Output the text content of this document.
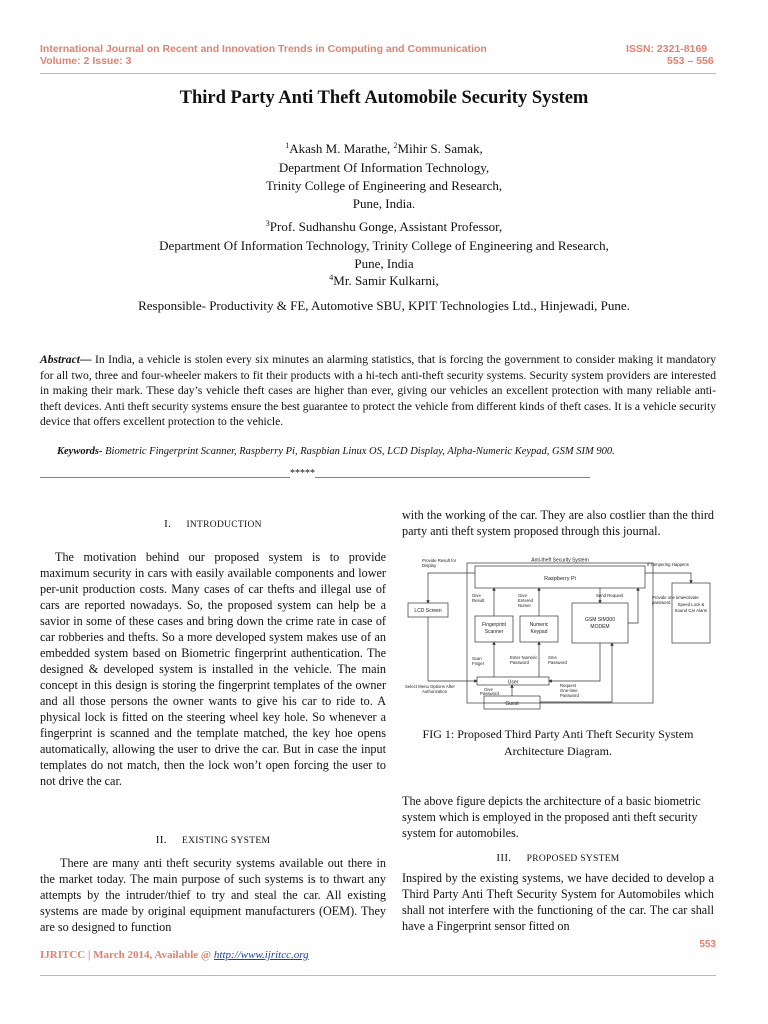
International Journal on Recent and Innovation Trends in Computing and Communication
Volume: 2 Issue: 3
ISSN: 2321-8169
553 – 556
Third Party Anti Theft Automobile Security System
$^1$Akash M. Marathe, $^2$Mihir S. Samak,
Department Of Information Technology,
Trinity College of Engineering and Research,
Pune, India.
$^3$Prof. Sudhanshu Gonge, Assistant Professor,
Department Of Information Technology, Trinity College of Engineering and Research,
Pune, India
$^4$Mr. Samir Kulkarni,
Responsible- Productivity & FE, Automotive SBU, KPIT Technologies Ltd., Hinjewadi, Pune.
Abstract— In India, a vehicle is stolen every six minutes an alarming statistics, that is forcing the government to consider making it mandatory for all two, three and four-wheeler makers to fit their products with a hi-tech anti-theft security systems. Security system providers are interested in making their mark. These day’s vehicle theft cases are higher than ever, giving our vehicles an excellent protection with many reliable anti-theft devices. Anti theft security systems ensure the best guarantee to protect the vehicle from different kinds of theft cases. It is a vehicle security device that offers excellent protection to the vehicle.
Keywords- Biometric Fingerprint Scanner, Raspberry Pi, Raspbian Linux OS, LCD Display, Alpha-Numeric Keypad, GSM SIM 900.
__________________________________________________*****_______________________________________________________
I. INTRODUCTION
The motivation behind our proposed system is to provide maximum security in cars with easily available components and lower per-unit production costs. Many cases of car thefts and illegal use of cars are reported nowadays. So, the proposed system can help be a savior in some of these cases and bring down the crime rate in case of car robberies and thefts. So a more developed system makes use of an embedded system based on Biometric fingerprint authentication. The designed & developed system is installed in the vehicle. The main concept in this design is storing the fingerprint templates of the owner and all those persons the owner wants to give his car to ride to. A physical lock is fitted on the steering wheel key hole. So whenever a fingerprint is scanned and the template matched, the key hoe opens automatically, allowing the user to drive the car. But in case the input templates do not match, then the lock won’t open forcing the user to not drive the car.
II. EXISTING SYSTEM
There are many anti theft security systems available out there in the market today. The main purpose of such systems is to thwart any attempts by the intruder/thief to try and steal the car. All existing systems are made by original equipment manufacturers (OEM). They are so designed to function
with the working of the car. They are also costlier than the third party anti theft system proposed through this journal.
Anti-theft Security System
Raspberry Pi
LCD Screen
Fingerprint
Scanner
Numeric
Keypad
GSM SIM300
MODEM
User
Guest
Activate
Speed Lock &
Sound Car Alarm
Provide Result for
Display	If Tampering Happens
Give
Result
Give
Entered
Numer
Send Request	Provide one time
password
Scan
Finger
Enter Numeric
Password
Sms
Password
Select Menu Options After
Authorization	Give
Password
Request
One-time
Password
FIG 1: Proposed Third Party Anti Theft Security System Architecture Diagram.
The above figure depicts the architecture of a basic biometric system which is employed in the proposed anti theft security system for automobiles.
III. PROPOSED SYSTEM
Inspired by the existing systems, we have decided to develop a Third Party Anti Theft Security System for Automobiles which shall not interfere with the functioning of the car. The car shall have a Fingerprint sensor fitted on
553
IJRITCC | March 2014, Available @ http://www.ijritcc.org
